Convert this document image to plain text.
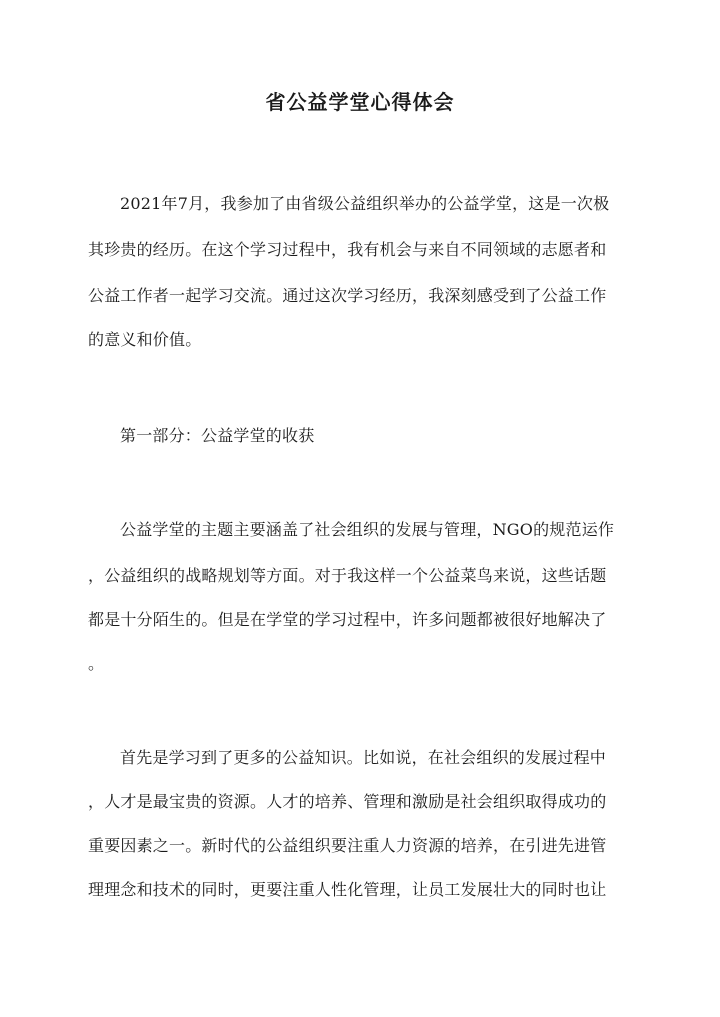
省公益学堂心得体会
2021年7月，我参加了由省级公益组织举办的公益学堂，这是一次极
其珍贵的经历。在这个学习过程中，我有机会与来自不同领域的志愿者和
公益工作者一起学习交流。通过这次学习经历，我深刻感受到了公益工作
的意义和价值。
第一部分：公益学堂的收获
公益学堂的主题主要涵盖了社会组织的发展与管理，NGO的规范运作
，公益组织的战略规划等方面。对于我这样一个公益菜鸟来说，这些话题
都是十分陌生的。但是在学堂的学习过程中，许多问题都被很好地解决了
。
首先是学习到了更多的公益知识。比如说，在社会组织的发展过程中
，人才是最宝贵的资源。人才的培养、管理和激励是社会组织取得成功的
重要因素之一。新时代的公益组织要注重人力资源的培养，在引进先进管
理理念和技术的同时，更要注重人性化管理，让员工发展壮大的同时也让
